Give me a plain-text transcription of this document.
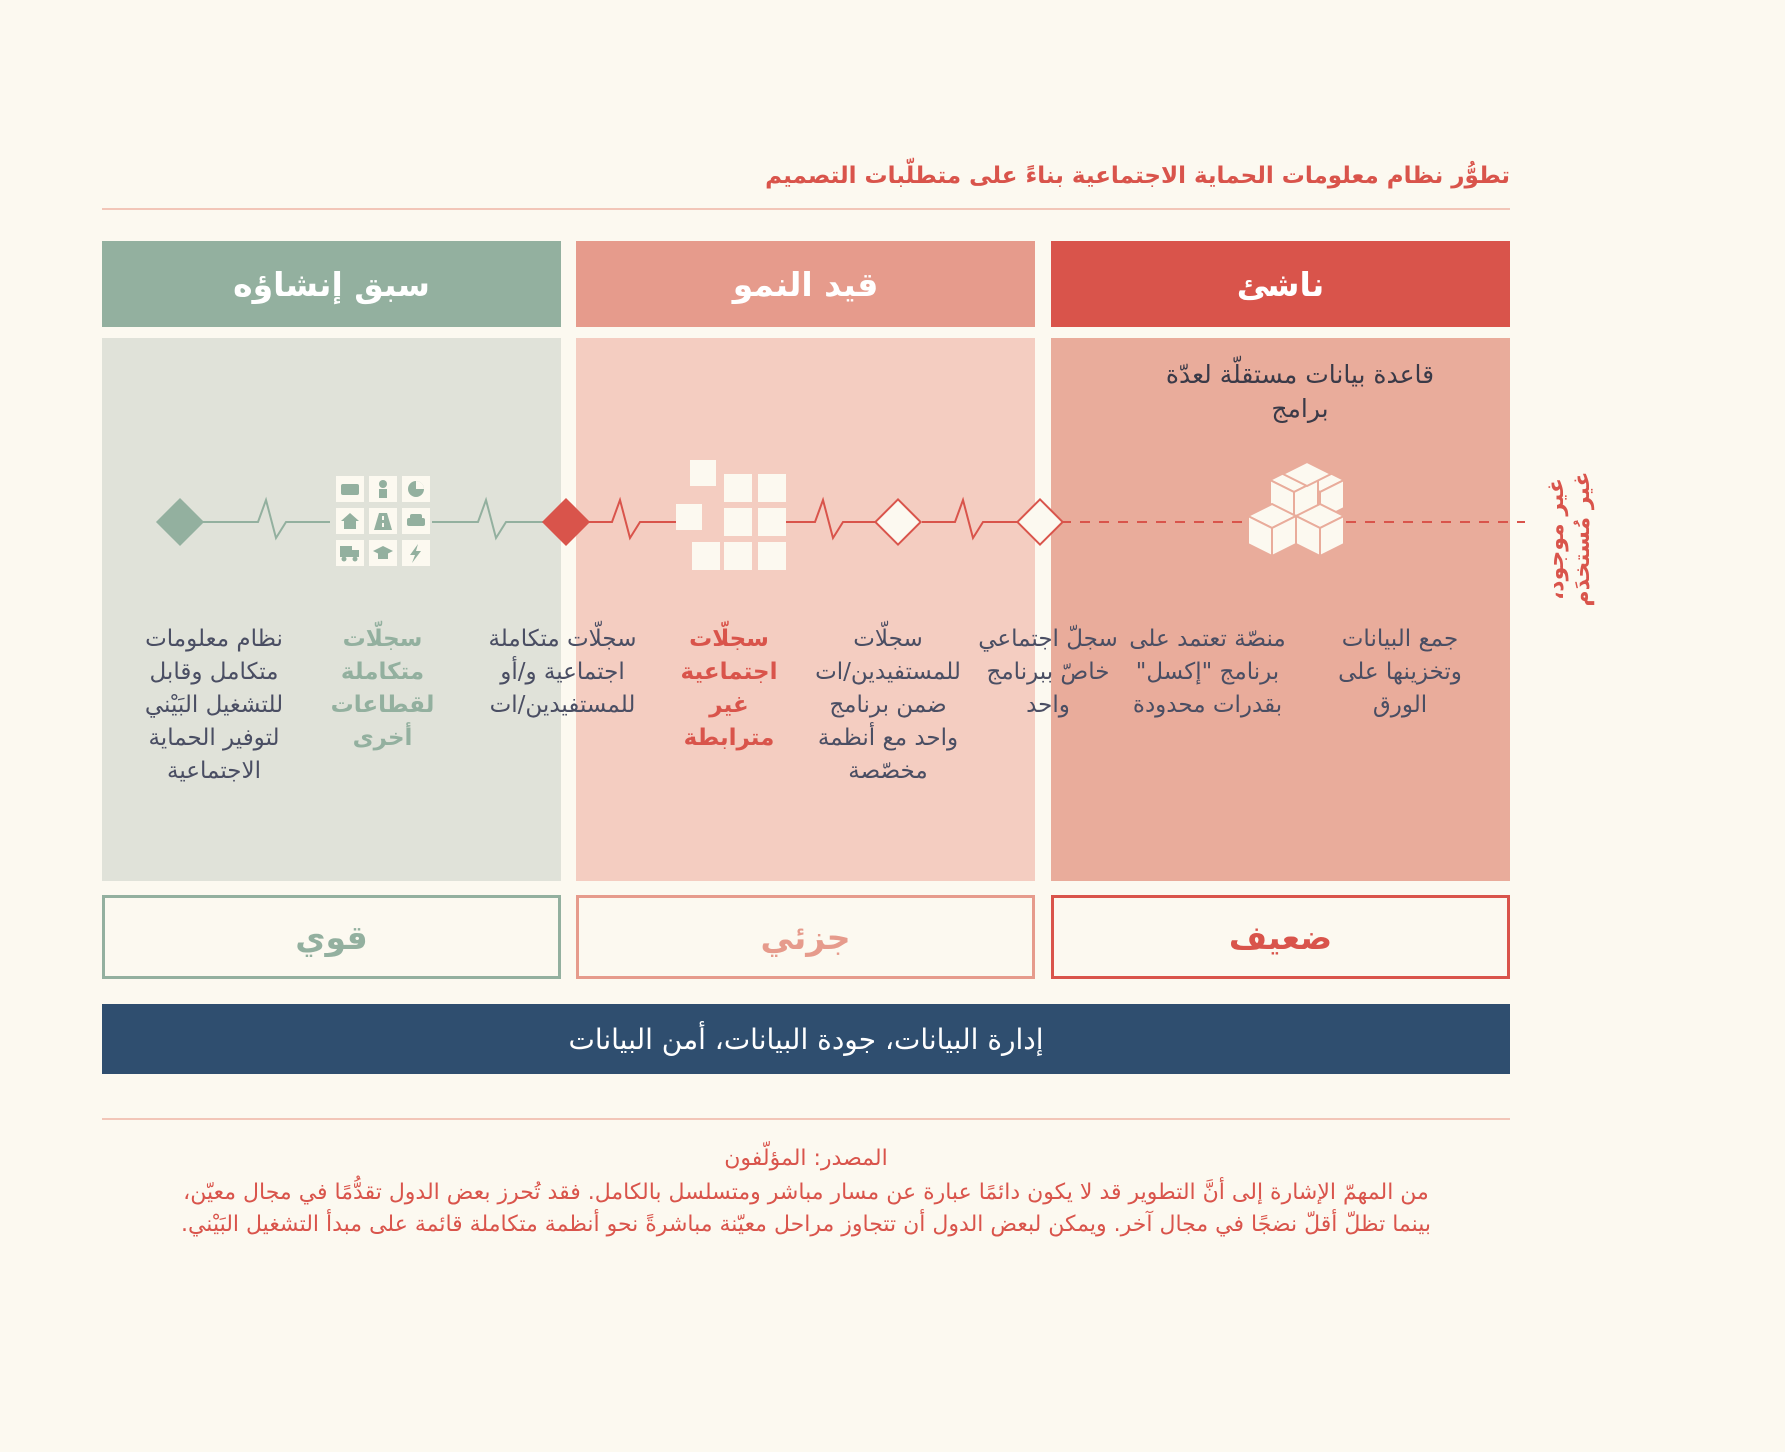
تطوُّر نظام معلومات الحماية الاجتماعية بناءً على متطلّبات التصميم
ناشئ
قيد النمو
سبق إنشاؤه
قاعدة بيانات مستقلّة لعدّة برامج
جمع البيانات وتخزينها على الورق
منصّة تعتمد على برنامج "إكسل" بقدرات محدودة
سجلّ اجتماعي خاصّ ببرنامج واحد
سجلّات للمستفيدين/ات ضمن برنامج واحد مع أنظمة مخصّصة
سجلّات اجتماعية غير مترابطة
سجلّات متكاملة اجتماعية و/أو للمستفيدين/ات
سجلّات متكاملة لقطاعات أخرى
نظام معلومات متكامل وقابل للتشغيل البَيْني لتوفير الحماية الاجتماعية
غير موجود، غير مُستخدَم
ضعيف
جزئي
قوي
إدارة البيانات، جودة البيانات، أمن البيانات
المصدر: المؤلّفون
من المهمّ الإشارة إلى أنَّ التطوير قد لا يكون دائمًا عبارة عن مسار مباشر ومتسلسل بالكامل. فقد تُحرز بعض الدول تقدُّمًا في مجال معيّن،
بينما تظلّ أقلّ نضجًا في مجال آخر. ويمكن لبعض الدول أن تتجاوز مراحل معيّنة مباشرةً نحو أنظمة متكاملة قائمة على مبدأ التشغيل البَيْني.
